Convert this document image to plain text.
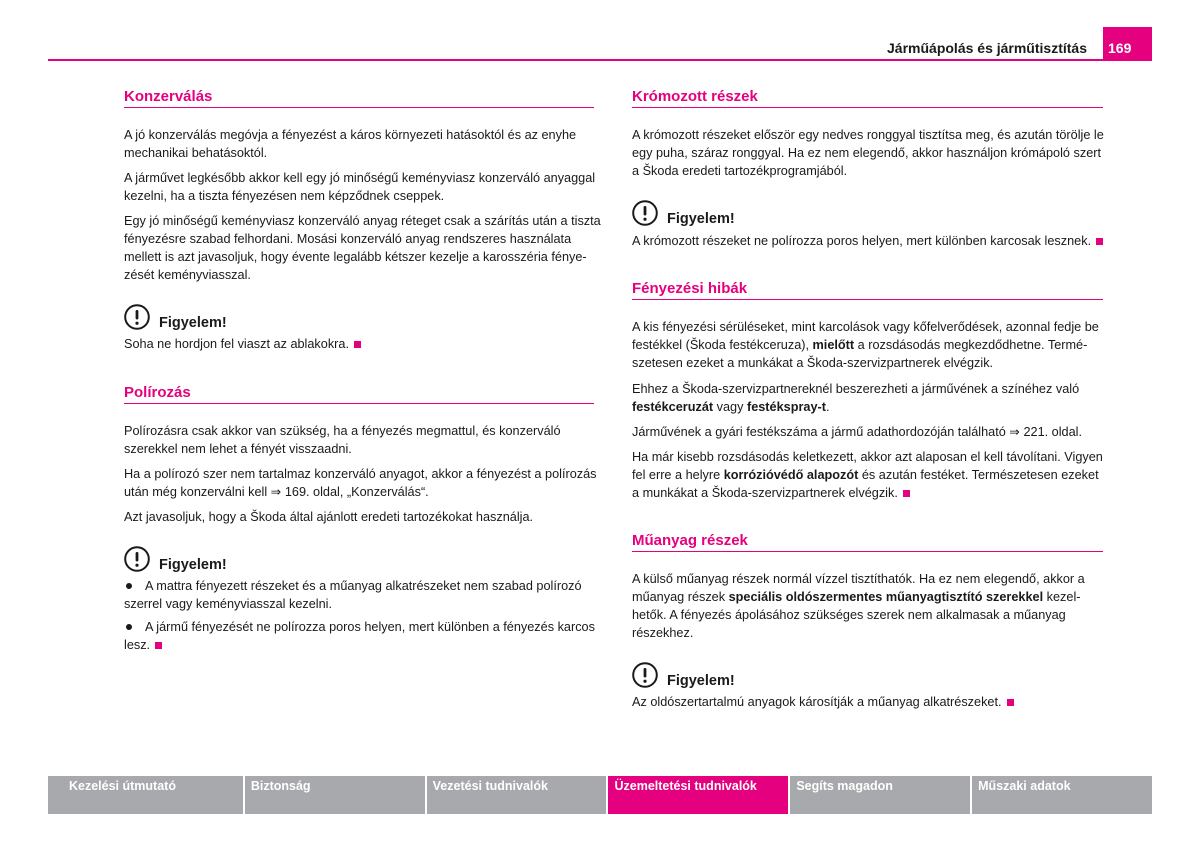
Járműápolás és járműtisztítás	169
Konzerválás
A jó konzerválás megóvja a fényezést a káros környezeti hatásoktól és az enyhe
mechanikai behatásoktól.
A járművet legkésőbb akkor kell egy jó minőségű keményviasz konzerváló anyaggal
kezelni, ha a tiszta fényezésen nem képződnek cseppek.
Egy jó minőségű keményviasz konzerváló anyag réteget csak a szárítás után a tiszta
fényezésre szabad felhordani. Mosási konzerváló anyag rendszeres használata
mellett is azt javasoljuk, hogy évente legalább kétszer kezelje a karosszéria fénye-
zését keményviasszal.
Figyelem!
Soha ne hordjon fel viaszt az ablakokra.
Polírozás
Polírozásra csak akkor van szükség, ha a fényezés megmattul, és konzerváló
szerekkel nem lehet a fényét visszaadni.
Ha a polírozó szer nem tartalmaz konzerváló anyagot, akkor a fényezést a polírozás
után még konzerválni kell ⇒ 169. oldal, „Konzerválás“.
Azt javasoljuk, hogy a Škoda által ajánlott eredeti tartozékokat használja.
Figyelem!
A mattra fényezett részeket és a műanyag alkatrészeket nem szabad polírozó
szerrel vagy keményviasszal kezelni.
A jármű fényezését ne polírozza poros helyen, mert különben a fényezés karcos
lesz.
Krómozott részek
A krómozott részeket először egy nedves ronggyal tisztítsa meg, és azután törölje le
egy puha, száraz ronggyal. Ha ez nem elegendő, akkor használjon krómápoló szert
a Škoda eredeti tartozékprogramjából.
Figyelem!
A krómozott részeket ne polírozza poros helyen, mert különben karcosak lesznek.
Fényezési hibák
A kis fényezési sérüléseket, mint karcolások vagy kőfelverődések, azonnal fedje be
festékkel (Škoda festékceruza), mielőtt a rozsdásodás megkezdődhetne. Termé-
szetesen ezeket a munkákat a Škoda-szervizpartnerek elvégzik.
Ehhez a Škoda-szervizpartnereknél beszerezheti a járművének a színéhez való
festékceruzát vagy festékspray-t.
Járművének a gyári festékszáma a jármű adathordozóján található ⇒ 221. oldal.
Ha már kisebb rozsdásodás keletkezett, akkor azt alaposan el kell távolítani. Vigyen
fel erre a helyre korrózióvédő alapozót és azután festéket. Természetesen ezeket
a munkákat a Škoda-szervizpartnerek elvégzik.
Műanyag részek
A külső műanyag részek normál vízzel tisztíthatók. Ha ez nem elegendő, akkor a
műanyag részek speciális oldószermentes műanyagtisztító szerekkel kezel-
hetők. A fényezés ápolásához szükséges szerek nem alkalmasak a műanyag
részekhez.
Figyelem!
Az oldószertartalmú anyagok károsítják a műanyag alkatrészeket.
Kezelési útmutató	Biztonság	Vezetési tudnivalók	Üzemeltetési tudnivalók	Segíts magadon	Műszaki adatok
